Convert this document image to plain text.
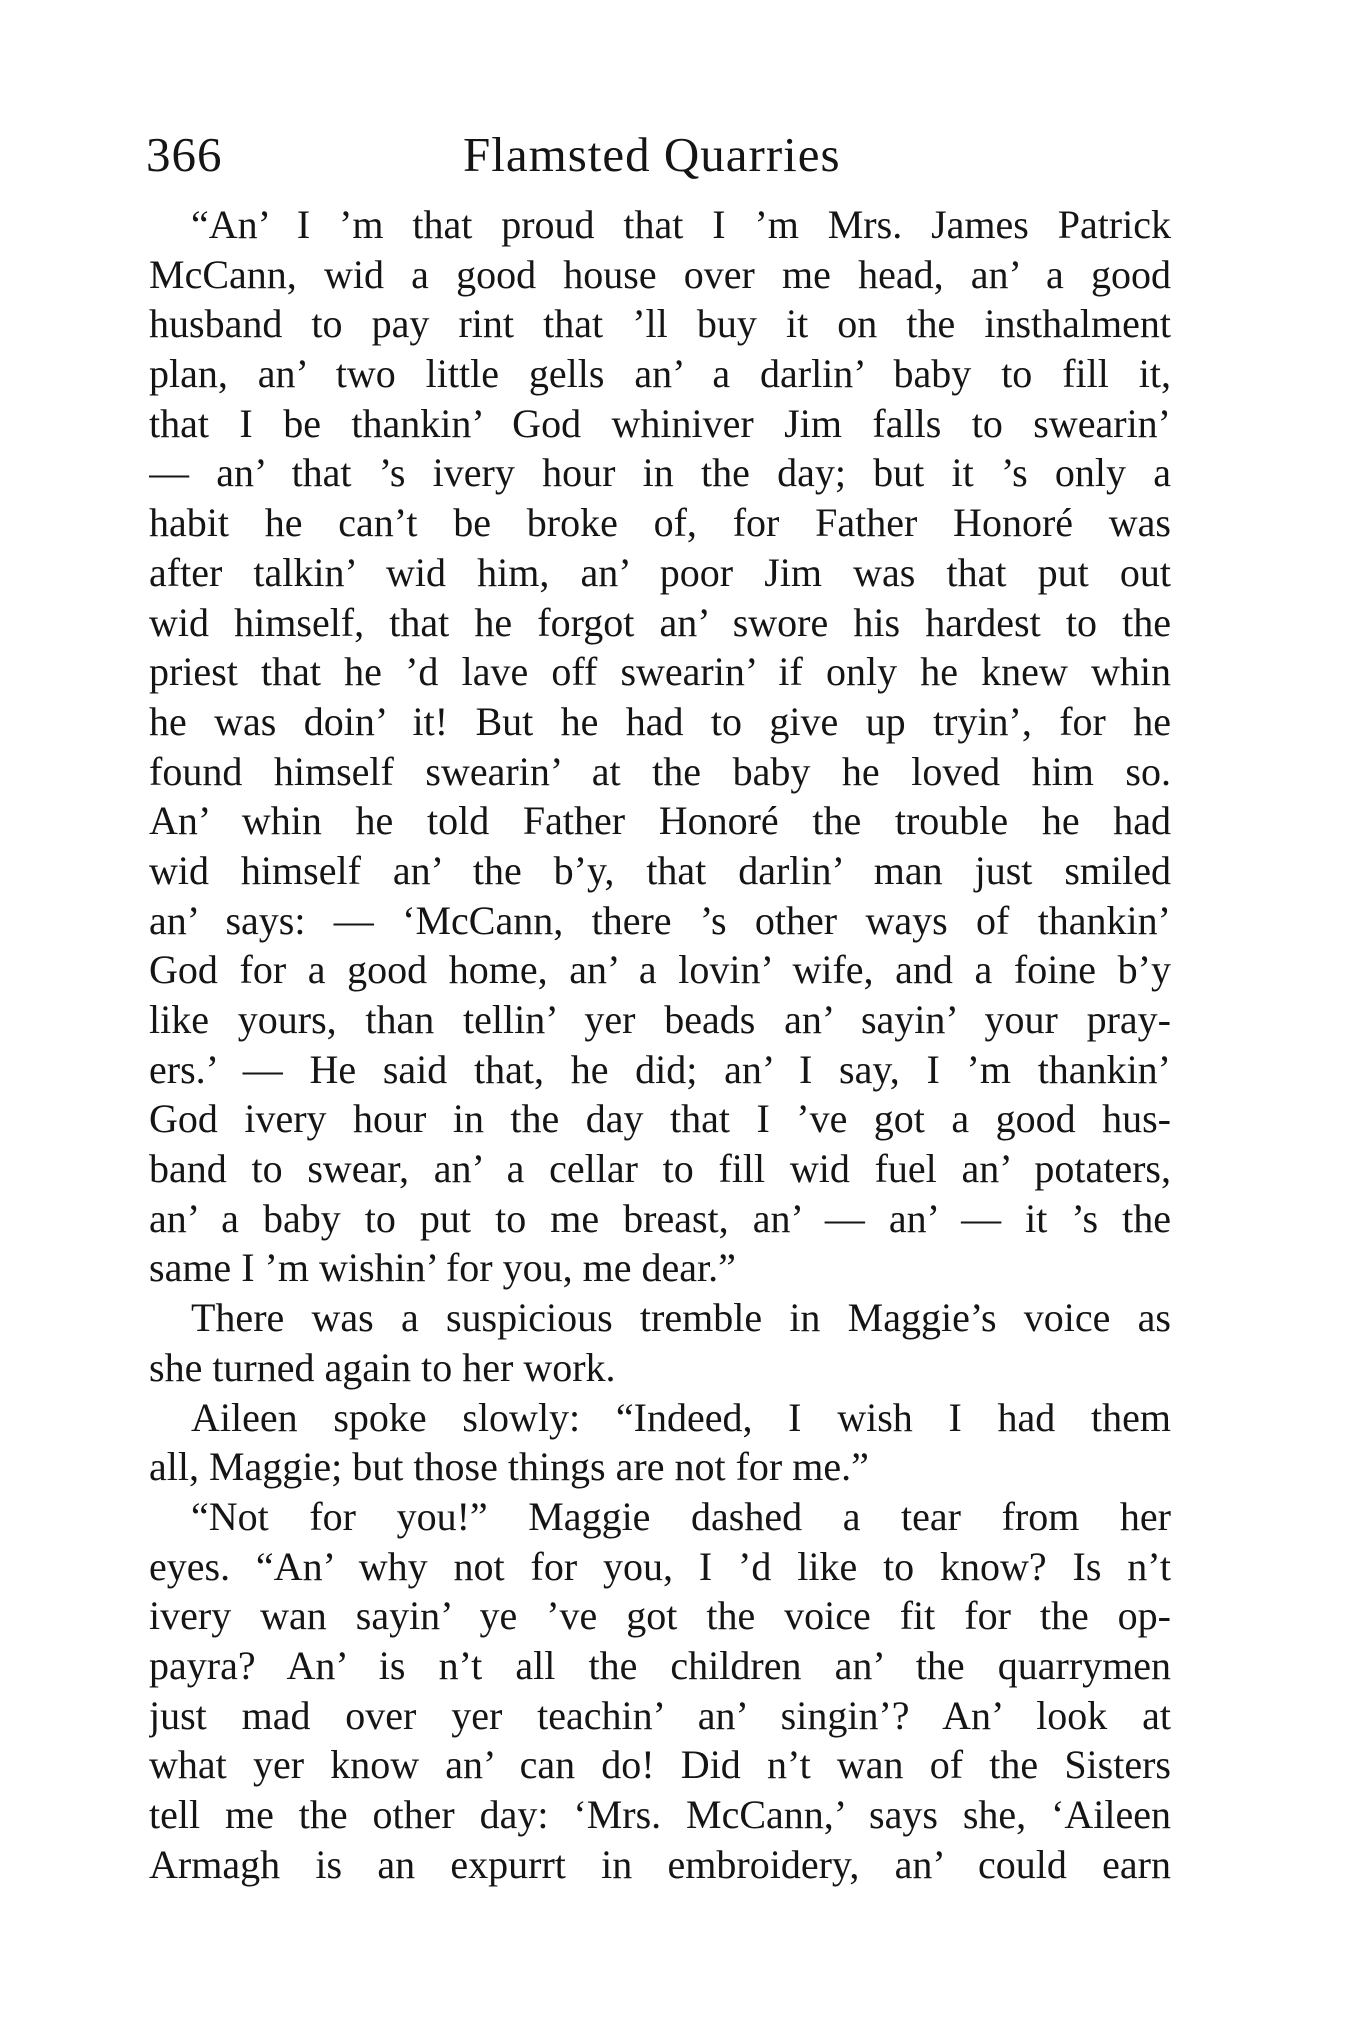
366	Flamsted Quarries
“An’ I ’m that proud that I ’m Mrs. James Patrick
McCann, wid a good house over me head, an’ a good
husband to pay rint that ’ll buy it on the insthalment
plan, an’ two little gells an’ a darlin’ baby to fill it,
that I be thankin’ God whiniver Jim falls to swearin’
— an’ that ’s ivery hour in the day; but it ’s only a
habit he can’t be broke of, for Father Honoré was
after talkin’ wid him, an’ poor Jim was that put out
wid himself, that he forgot an’ swore his hardest to the
priest that he ’d lave off swearin’ if only he knew whin
he was doin’ it! But he had to give up tryin’, for he
found himself swearin’ at the baby he loved him so.
An’ whin he told Father Honoré the trouble he had
wid himself an’ the b’y, that darlin’ man just smiled
an’ says: — ‘McCann, there ’s other ways of thankin’
God for a good home, an’ a lovin’ wife, and a foine b’y
like yours, than tellin’ yer beads an’ sayin’ your pray-
ers.’ — He said that, he did; an’ I say, I ’m thankin’
God ivery hour in the day that I ’ve got a good hus-
band to swear, an’ a cellar to fill wid fuel an’ potaters,
an’ a baby to put to me breast, an’ — an’ — it ’s the
same I ’m wishin’ for you, me dear.”
There was a suspicious tremble in Maggie’s voice as
she turned again to her work.
Aileen spoke slowly: “Indeed, I wish I had them
all, Maggie; but those things are not for me.”
“Not for you!” Maggie dashed a tear from her
eyes. “An’ why not for you, I ’d like to know? Is n’t
ivery wan sayin’ ye ’ve got the voice fit for the op-
payra? An’ is n’t all the children an’ the quarrymen
just mad over yer teachin’ an’ singin’? An’ look at
what yer know an’ can do! Did n’t wan of the Sisters
tell me the other day: ‘Mrs. McCann,’ says she, ‘Aileen
Armagh is an expurrt in embroidery, an’ could earn
